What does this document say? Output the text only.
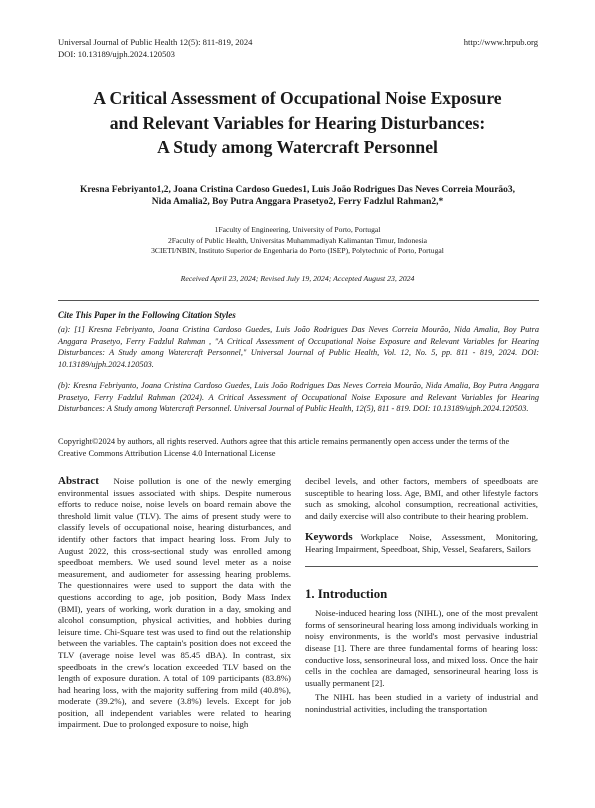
Universal Journal of Public Health 12(5): 811-819, 2024
DOI: 10.13189/ujph.2024.120503
http://www.hrpub.org
A Critical Assessment of Occupational Noise Exposure
and Relevant Variables for Hearing Disturbances:
A Study among Watercraft Personnel
Kresna Febriyanto1,2, Joana Cristina Cardoso Guedes1, Luis João Rodrigues Das Neves Correia Mourão3,
Nida Amalia2, Boy Putra Anggara Prasetyo2, Ferry Fadzlul Rahman2,*
1Faculty of Engineering, University of Porto, Portugal
2Faculty of Public Health, Universitas Muhammadiyah Kalimantan Timur, Indonesia
3CIETI/NBIN, Instituto Superior de Engenharia do Porto (ISEP), Polytechnic of Porto, Portugal
Received April 23, 2024; Revised July 19, 2024; Accepted August 23, 2024
Cite This Paper in the Following Citation Styles
(a): [1] Kresna Febriyanto, Joana Cristina Cardoso Guedes, Luis João Rodrigues Das Neves Correia Mourão, Nida Amalia, Boy Putra Anggara Prasetyo, Ferry Fadzlul Rahman , "A Critical Assessment of Occupational Noise Exposure and Relevant Variables for Hearing Disturbances: A Study among Watercraft Personnel," Universal Journal of Public Health, Vol. 12, No. 5, pp. 811 - 819, 2024. DOI: 10.13189/ujph.2024.120503.
(b): Kresna Febriyanto, Joana Cristina Cardoso Guedes, Luis João Rodrigues Das Neves Correia Mourão, Nida Amalia, Boy Putra Anggara Prasetyo, Ferry Fadzlul Rahman (2024). A Critical Assessment of Occupational Noise Exposure and Relevant Variables for Hearing Disturbances: A Study among Watercraft Personnel. Universal Journal of Public Health, 12(5), 811 - 819. DOI: 10.13189/ujph.2024.120503.
Copyright©2024 by authors, all rights reserved. Authors agree that this article remains permanently open access under the terms of the Creative Commons Attribution License 4.0 International License

Abstract Noise pollution is one of the newly emerging environmental issues associated with ships. Despite numerous efforts to reduce noise, noise levels on board remain above the threshold limit value (TLV). The aims of present study were to classify levels of occupational noise, hearing disturbances, and identify other factors that impact hearing loss. From July to August 2022, this cross-sectional study was enrolled among speedboat members. We used sound level meter as a noise measurement, and audiometer for assessing hearing problems. The questionnaires were used to support the data with the questions according to age, job position, Body Mass Index (BMI), years of working, work duration in a day, smoking and alcohol consumption, physical activities, and hobbies during leisure time. Chi-Square test was used to find out the relationship between the variables. The captain's position does not exceed the TLV (average noise level was 85.45 dBA). In contrast, six speedboats in the crew's location exceeded TLV based on the length of exposure duration. A total of 109 participants (83.8%) had hearing loss, with the majority suffering from mild (40.8%), moderate (39.2%), and severe (3.8%) levels. Except for job position, all independent variables were related to hearing impairment. Due to prolonged exposure to noise, high

decibel levels, and other factors, members of speedboats are susceptible to hearing loss. Age, BMI, and other lifestyle factors such as smoking, alcohol consumption, recreational activities, and daily exercise will also contribute to their hearing problem.

Keywords Workplace Noise, Assessment, Monitoring, Hearing Impairment, Speedboat, Ship, Vessel, Seafarers, Sailors

1. Introduction

Noise-induced hearing loss (NIHL), one of the most prevalent forms of sensorineural hearing loss among individuals working in noisy environments, is the world's most pervasive industrial disease [1]. There are three fundamental forms of hearing loss: conductive loss, sensorineural loss, and mixed loss. Once the hair cells in the cochlea are damaged, sensorineural hearing loss is usually permanent [2].

The NIHL has been studied in a variety of industrial and nonindustrial activities, including the transportation
